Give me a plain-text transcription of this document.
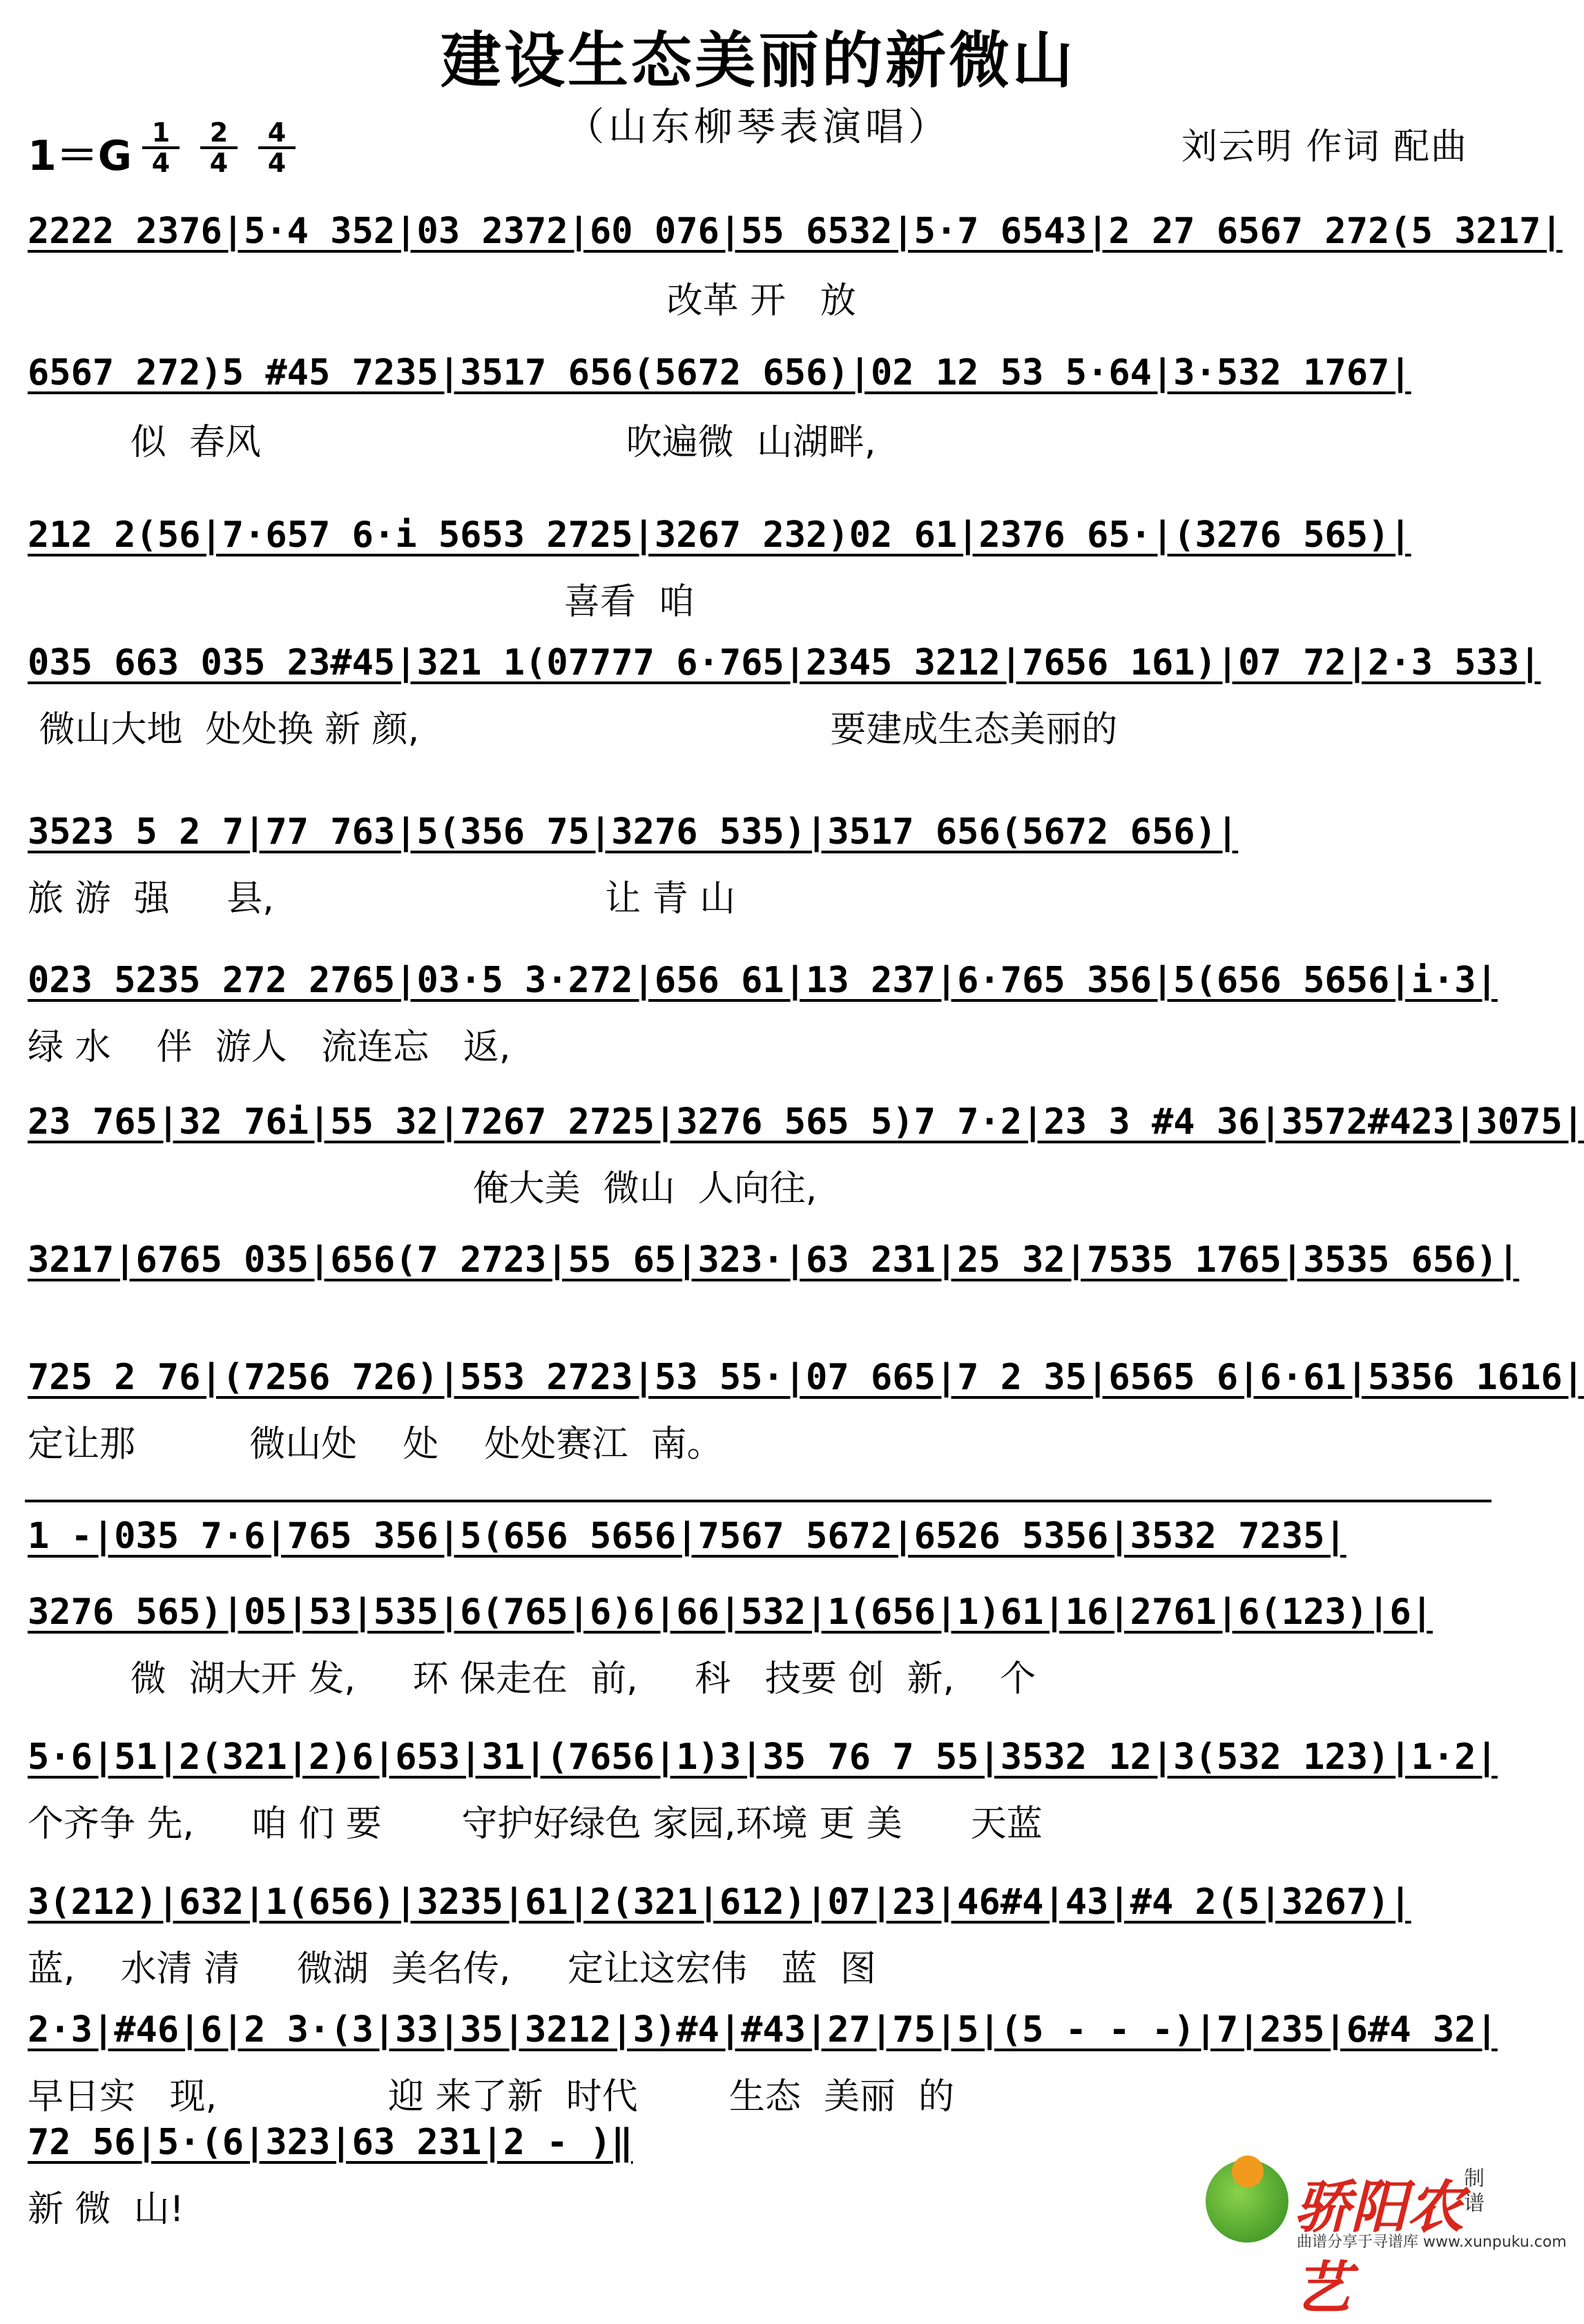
建设生态美丽的新微山
（山东柳琴表演唱）
1＝G 1
4
2
4
4
4	刘云明 作词 配曲
2222 2376|5·4 352|03 2372|60 076|55 6532|5·7 6543|2 27 6567 272(5 3217|
改革 开   放
6567 272)5 #45 7235|3517 656(5672 656)|02 12 53 5·64|3·532 1767|
似  春风                                吹遍微  山湖畔,
212 2(56|7·657 6·i 5653 2725|3267 232)02 61|2376 65·|(3276 565)|
喜看  咱
035 663 035 23#45|321 1(07777 6·765|2345 3212|7656 161)|07 72|2·3 533|
微山大地  处处换 新 颜,                                    要建成生态美丽的
3523 5 2 7|77 763|5(356 75|3276 535)|3517 656(5672 656)|
旅 游  强     县,                             让 青 山
023 5235 272 2765|03·5 3·272|656 61|13 237|6·765 356|5(656 5656|i·3|
绿 水    伴  游人   流连忘   返,
23 765|32 76i|55 32|7267 2725|3276 565 5)7 7·2|23 3 #4 36|3572#423|3075|
俺大美  微山  人向往,
3217|6765 035|656(7 2723|55 65|323·|63 231|25 32|7535 1765|3535 656)|
725 2 76|(7256 726)|553 2723|53 55·|07 665|7 2 35|6565 6|6·61|5356 1616|
定让那          微山处    处    处处赛江  南。
1 -|035 7·6|765 356|5(656 5656|7567 5672|6526 5356|3532 7235|
3276 565)|05|53|535|6(765|6)6|66|532|1(656|1)61|16|2761|6(123)|6|
微  湖大开 发,     环 保走在  前,     科   技要 创  新,    个
5·6|51|2(321|2)6|653|31|(7656|1)3|35 76 7 55|3532 12|3(532 123)|1·2|
个齐争 先,     咱 们 要       守护好绿色 家园,环境 更 美      天蓝
3(212)|632|1(656)|3235|61|2(321|612)|07|23|46#4|43|#4 2(5|3267)|
蓝,    水清 清     微湖  美名传,     定让这宏伟   蓝  图
2·3|#46|6|2 3·(3|33|35|3212|3)#4|#43|27|75|5|(5 - - -)|7|235|6#4 32|
早日实   现,               迎 来了新  时代        生态  美丽  的
72 56|5·(6|323|63 231|2 - )‖
新 微  山!	骄阳农艺
制谱
曲谱分享于寻谱库 www.xunpuku.com
